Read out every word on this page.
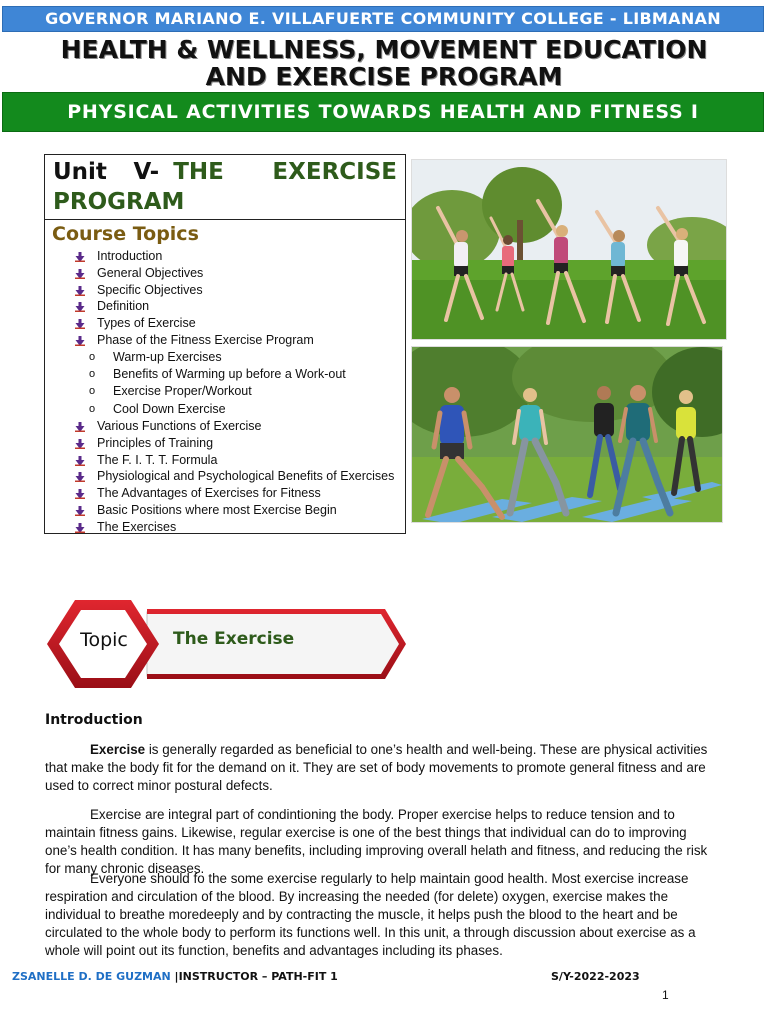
GOVERNOR MARIANO E. VILLAFUERTE COMMUNITY COLLEGE - LIBMANAN
HEALTH & WELLNESS, MOVEMENT EDUCATION
AND EXERCISE PROGRAM
PHYSICAL ACTIVITIES TOWARDS HEALTH AND FITNESS I
Unit V- THE EXERCISE PROGRAM
Course Topics
Introduction
General Objectives
Specific Objectives
Definition
Types of Exercise
Phase of the Fitness Exercise Program
o Warm-up Exercises
o Benefits of Warming up before a Work-out
o Exercise Proper/Workout
o Cool Down Exercise
Various Functions of Exercise
Principles of Training
The F. I. T. T. Formula
Physiological and Psychological Benefits of Exercises
The Advantages of Exercises for Fitness
Basic Positions where most Exercise Begin
The Exercises
Topic	The Exercise
Introduction

Exercise is generally regarded as beneficial to one’s health and well-being. These are physical activities that make the body fit for the demand on it. They are set of body movements to promote general fitness and are used to correct minor postural defects.

Exercise are integral part of condintioning the body. Proper exercise helps to reduce tension and to maintain fitness gains. Likewise, regular exercise is one of the best things that individual can do to improving one’s health condition. It has many benefits, including improving overall helath and fitness, and reducing the risk for many chronic diseases.

Everyone should fo the some exercise regularly to help maintain good health. Most exercise increase respiration and circulation of the blood. By increasing the needed (for delete) oxygen, exercise makes the individual to breathe moredeeply and by contracting the muscle, it helps push the blood to the heart and be circulated to the whole body to perform its functions well. In this unit, a through discussion about exercise as a whole will point out its function, benefits and advantages including its phases.

ZSANELLE D. DE GUZMAN |INSTRUCTOR – PATH-FIT 1	S/Y-2022-2023
1
